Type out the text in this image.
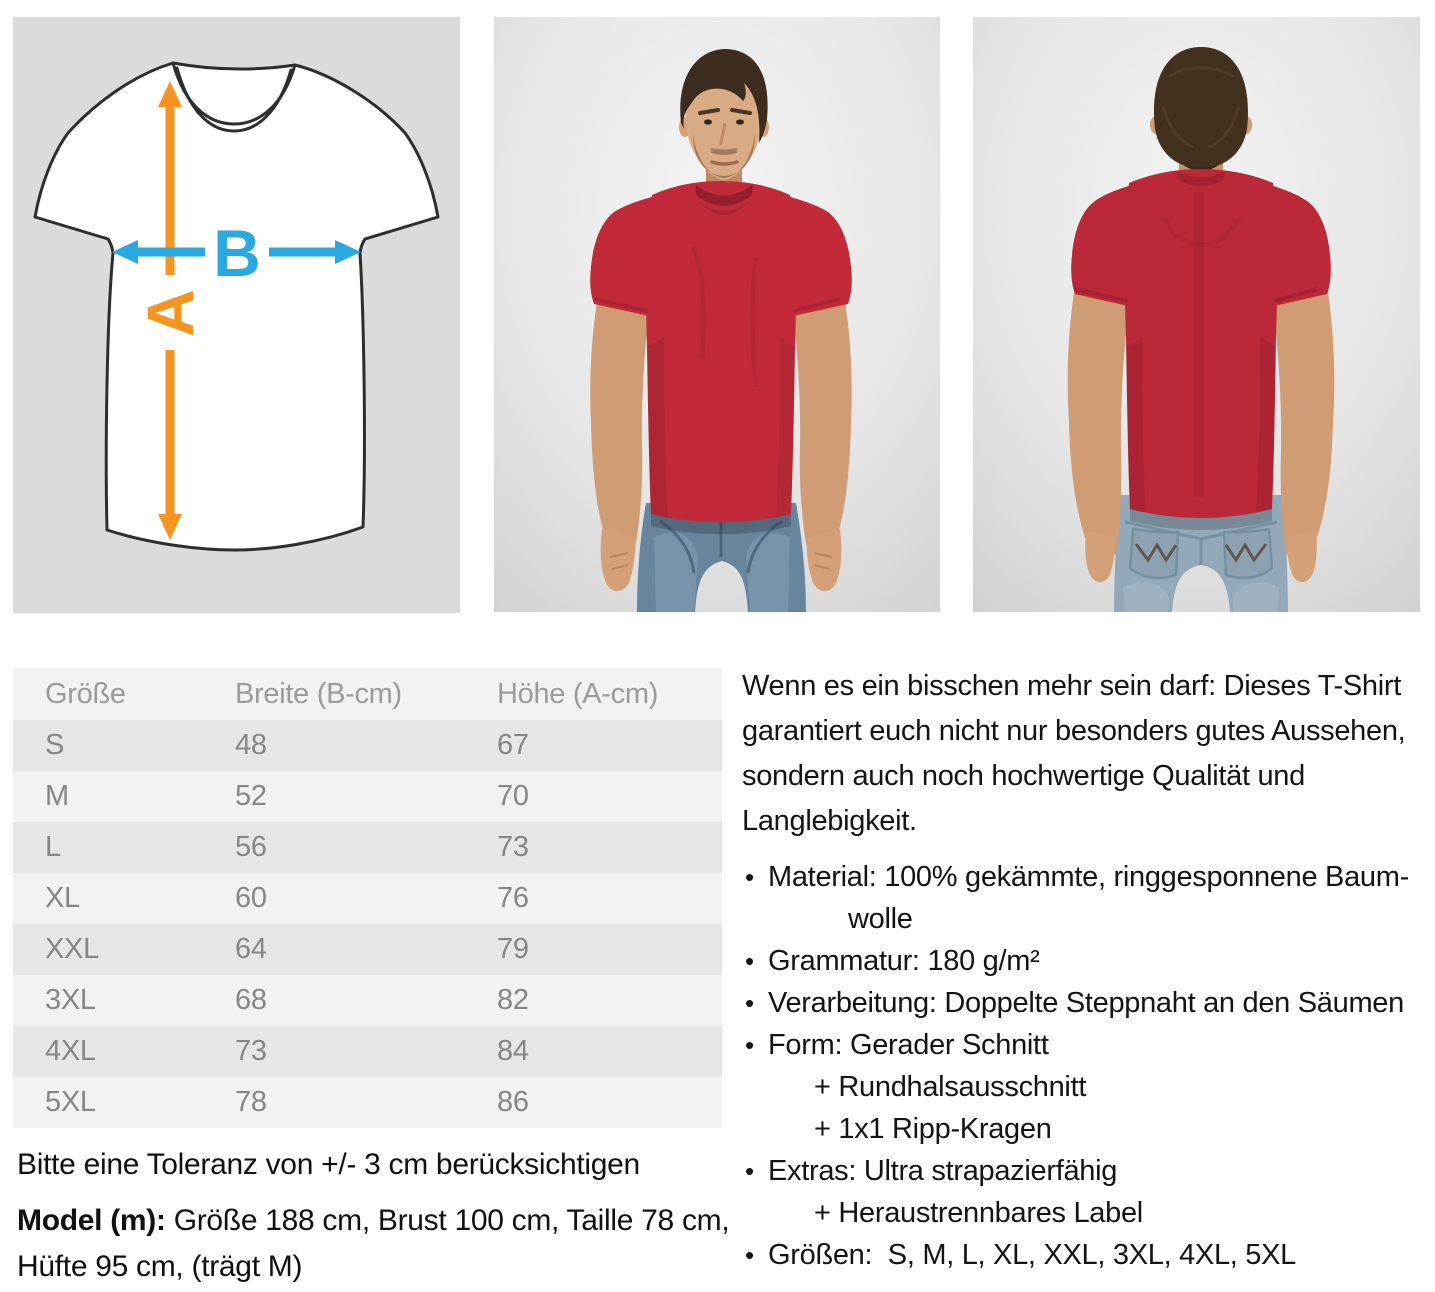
A
B
Größe	Breite (B-cm)	Höhe (A-cm)
S	48	67
M	52	70
L	56	73
XL	60	76
XXL	64	79
3XL	68	82
4XL	73	84
5XL	78	86
Bitte eine Toleranz von +/- 3 cm berücksichtigen
Model (m): Größe 188 cm, Brust 100 cm, Taille 78 cm, Hüfte 95 cm, (trägt M)
Wenn es ein bisschen mehr sein darf: Dieses T-Shirt
garantiert euch nicht nur besonders gutes Aussehen,
sondern auch noch hochwertige Qualität und
Langlebigkeit.
• Material: 100% gekämmte, ringgesponnene Baum-
wolle
• Grammatur: 180 g/m²
• Verarbeitung: Doppelte Steppnaht an den Säumen
• Form: Gerader Schnitt
+ Rundhalsausschnitt
+ 1x1 Ripp-Kragen
• Extras: Ultra strapazierfähig
+ Heraustrennbares Label
• Größen:  S, M, L, XL, XXL, 3XL, 4XL, 5XL
